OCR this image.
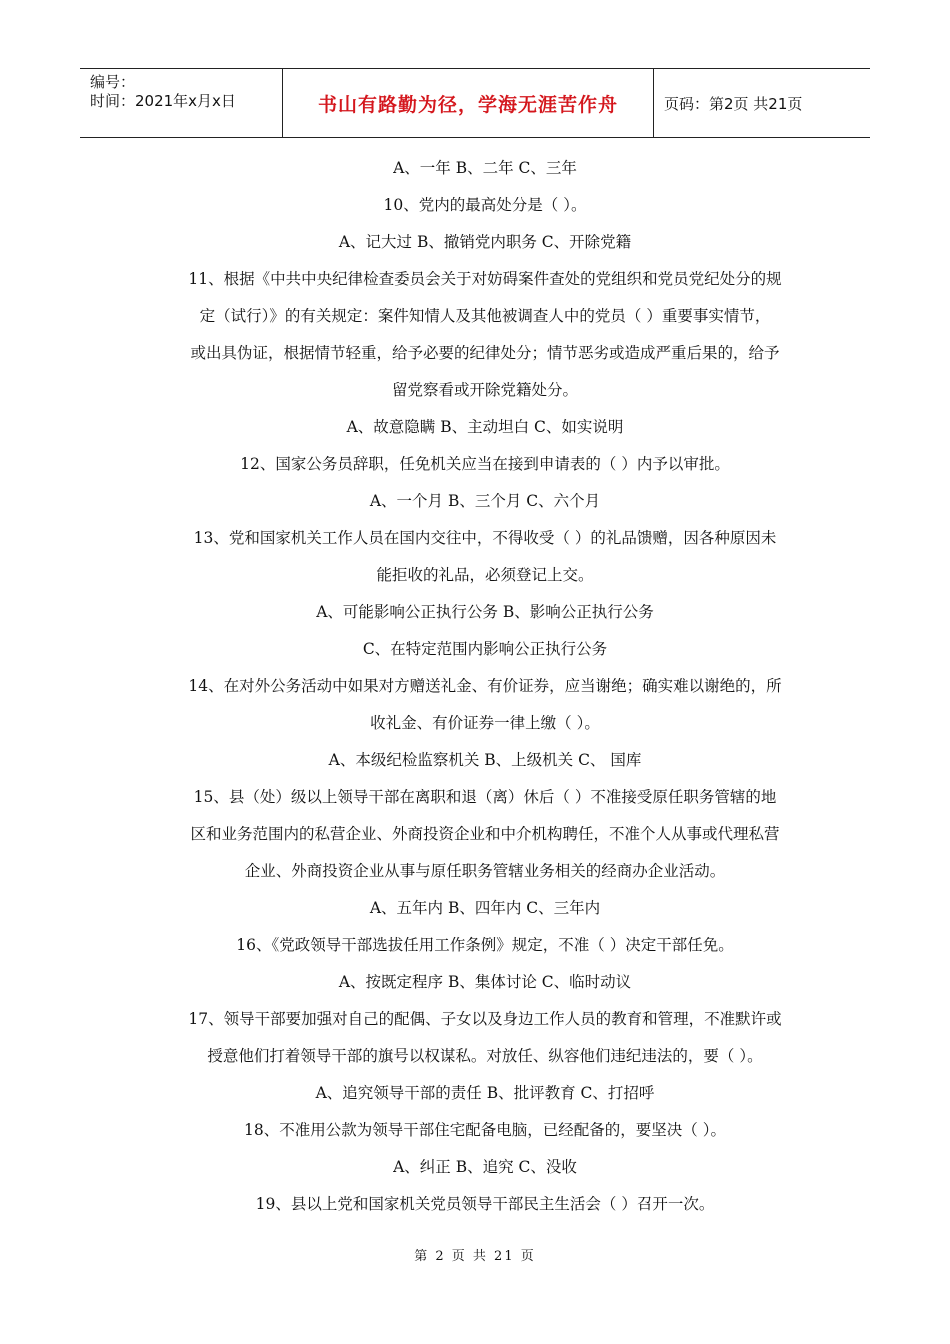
编号：
时间：2021年x月x日	书山有路勤为径，学海无涯苦作舟	页码：第2页 共21页

A、一年 B、二年 C、三年

10、党内的最高处分是（ ）。

A、记大过 B、撤销党内职务 C、开除党籍

11、根据《中共中央纪律检查委员会关于对妨碍案件查处的党组织和党员党纪处分的规

定（试行）》的有关规定：案件知情人及其他被调查人中的党员（ ）重要事实情节，

或出具伪证，根据情节轻重，给予必要的纪律处分；情节恶劣或造成严重后果的，给予

留党察看或开除党籍处分。

A、故意隐瞒 B、主动坦白 C、如实说明

12、国家公务员辞职，任免机关应当在接到申请表的（ ）内予以审批。

A、一个月 B、三个月 C、六个月

13、党和国家机关工作人员在国内交往中，不得收受（ ）的礼品馈赠，因各种原因未

能拒收的礼品，必须登记上交。

A、可能影响公正执行公务 B、影响公正执行公务

C、在特定范围内影响公正执行公务

14、在对外公务活动中如果对方赠送礼金、有价证券，应当谢绝；确实难以谢绝的，所

收礼金、有价证券一律上缴（ ）。

A、本级纪检监察机关 B、上级机关 C、 国库

15、县（处）级以上领导干部在离职和退（离）休后（ ）不准接受原任职务管辖的地

区和业务范围内的私营企业、外商投资企业和中介机构聘任，不准个人从事或代理私营

企业、外商投资企业从事与原任职务管辖业务相关的经商办企业活动。

A、五年内 B、四年内 C、三年内

16、《党政领导干部选拔任用工作条例》规定，不准（ ）决定干部任免。

A、按既定程序 B、集体讨论 C、临时动议

17、领导干部要加强对自己的配偶、子女以及身边工作人员的教育和管理，不准默许或

授意他们打着领导干部的旗号以权谋私。对放任、纵容他们违纪违法的，要（ ）。

A、追究领导干部的责任 B、批评教育 C、打招呼

18、不准用公款为领导干部住宅配备电脑，已经配备的，要坚决（ ）。

A、纠正 B、追究 C、没收

19、县以上党和国家机关党员领导干部民主生活会（ ）召开一次。

第 2 页 共 21 页
